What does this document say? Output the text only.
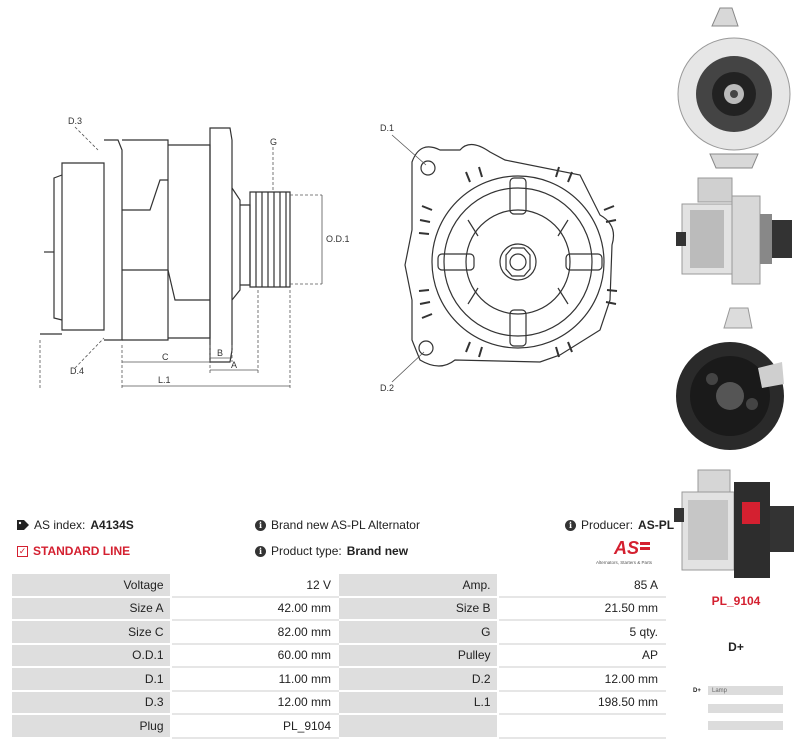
D.3
D.4
G
O.D.1
C	B
A
L.1
D.1
D.2
AS index: A4134S	i Brand new AS-PL Alternator	i Producer: AS-PL
✓ STANDARD LINE	i Product type: Brand new	AS
Alternators, Starters & Parts
Voltage	12 V	Amp.	85 A
Size A	42.00 mm	Size B	21.50 mm
Size C	82.00 mm	G	5 qty.
O.D.1	60.00 mm	Pulley	AP
D.1	11.00 mm	D.2	12.00 mm
D.3	12.00 mm	L.1	198.50 mm
Plug	PL_9104		
PL_9104
D+
D+	Lamp
